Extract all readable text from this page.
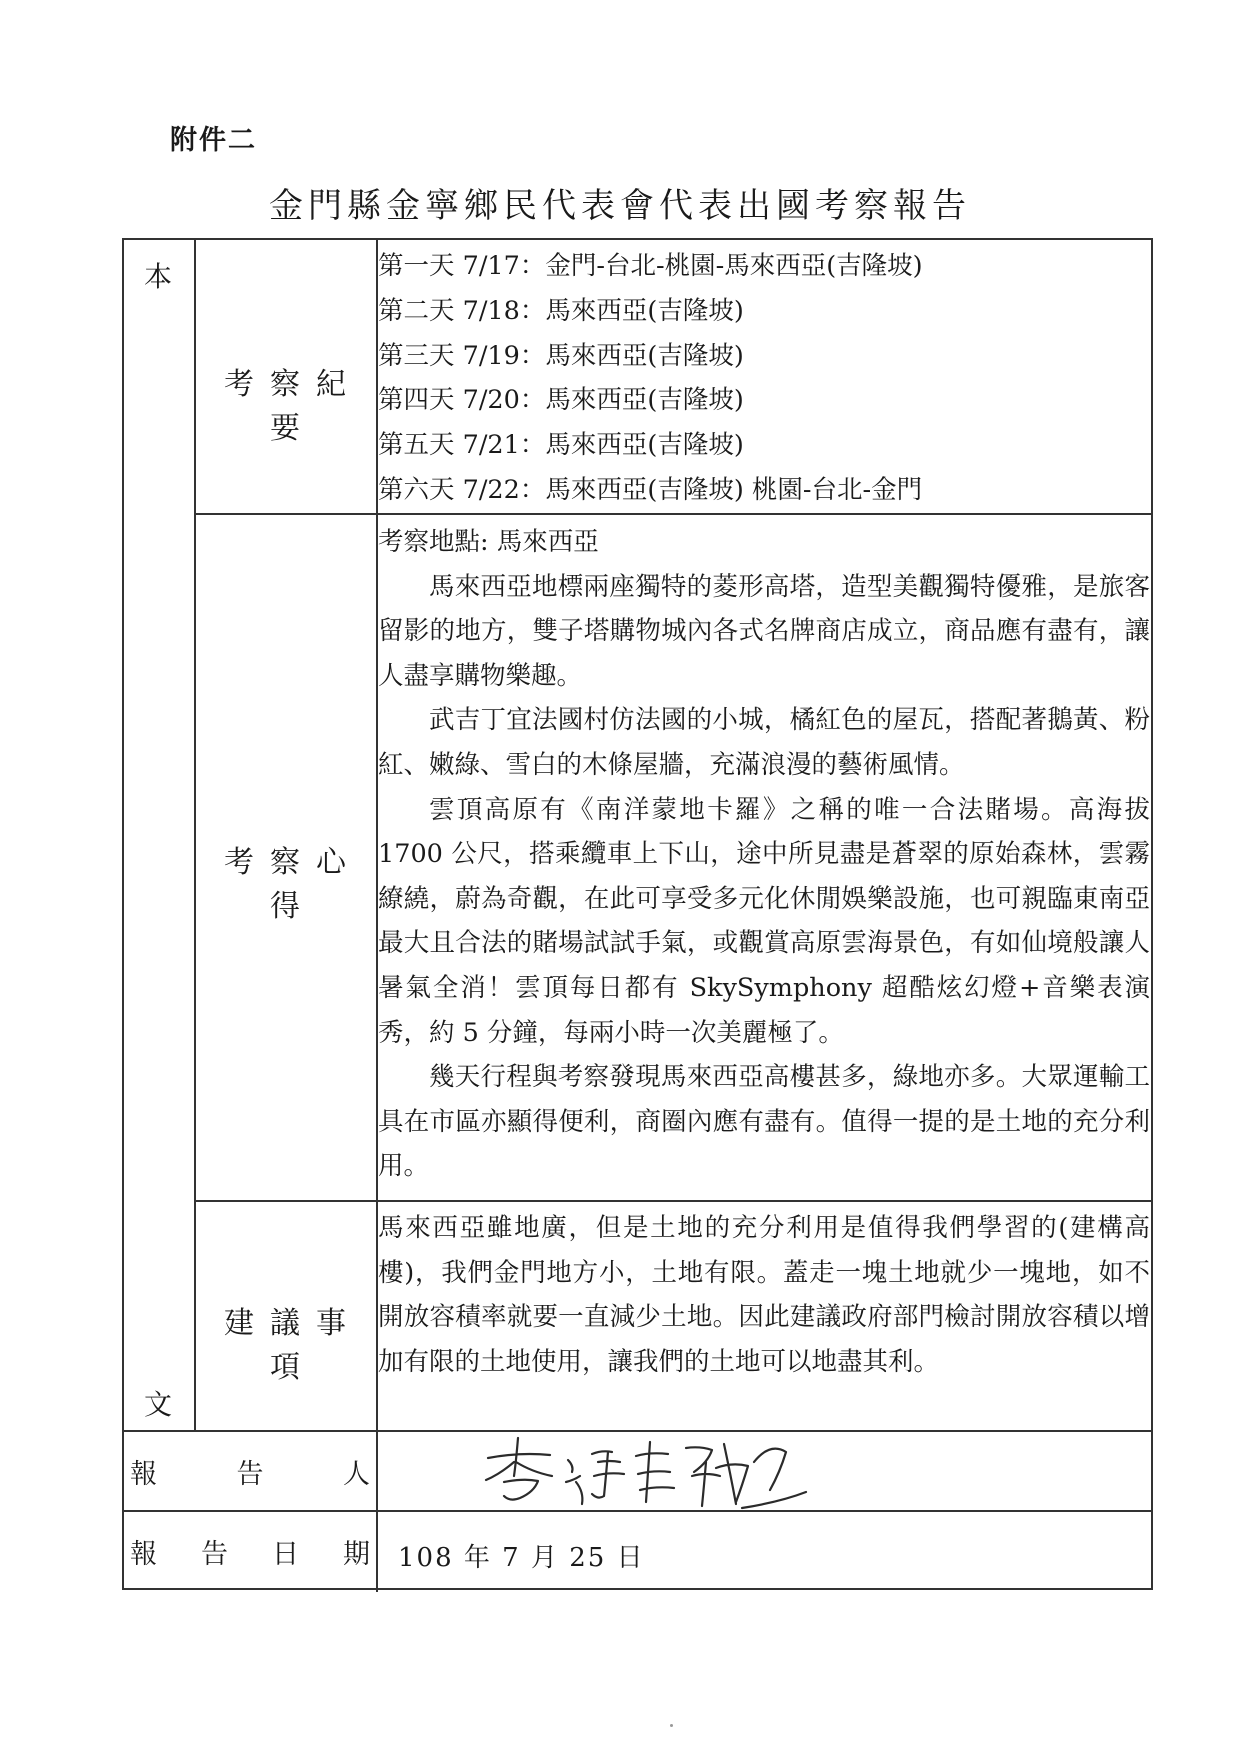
附件二
金門縣金寧鄉民代表會代表出國考察報告
本
文
考察紀要
第一天 7/17：金門-台北-桃園-馬來西亞(吉隆坡)
第二天 7/18：馬來西亞(吉隆坡)
第三天 7/19：馬來西亞(吉隆坡)
第四天 7/20：馬來西亞(吉隆坡)
第五天 7/21：馬來西亞(吉隆坡)
第六天 7/22：馬來西亞(吉隆坡) 桃園-台北-金門
考察心得

考察地點: 馬來西亞

馬來西亞地標兩座獨特的菱形高塔，造型美觀獨特優雅，是旅客留影的地方，雙子塔購物城內各式名牌商店成立，商品應有盡有，讓人盡享購物樂趣。

武吉丁宜法國村仿法國的小城，橘紅色的屋瓦，搭配著鵝黃、粉紅、嫩綠、雪白的木條屋牆，充滿浪漫的藝術風情。

雲頂高原有《南洋蒙地卡羅》之稱的唯一合法賭場。高海拔 1700 公尺，搭乘纜車上下山，途中所見盡是蒼翠的原始森林，雲霧繚繞，蔚為奇觀，在此可享受多元化休閒娛樂設施，也可親臨東南亞最大且合法的賭場試試手氣，或觀賞高原雲海景色，有如仙境般讓人暑氣全消！雲頂每日都有 SkySymphony 超酷炫幻燈+音樂表演秀，約 5 分鐘，每兩小時一次美麗極了。

幾天行程與考察發現馬來西亞高樓甚多，綠地亦多。大眾運輸工具在市區亦顯得便利，商圈內應有盡有。值得一提的是土地的充分利用。

建議事項

馬來西亞雖地廣，但是土地的充分利用是值得我們學習的(建構高樓)，我們金門地方小，土地有限。蓋走一塊土地就少一塊地，如不開放容積率就要一直減少土地。因此建議政府部門檢討開放容積以增加有限的土地使用，讓我們的土地可以地盡其利。

報	告	人
報 告 日 期 108 年 7 月 25 日
